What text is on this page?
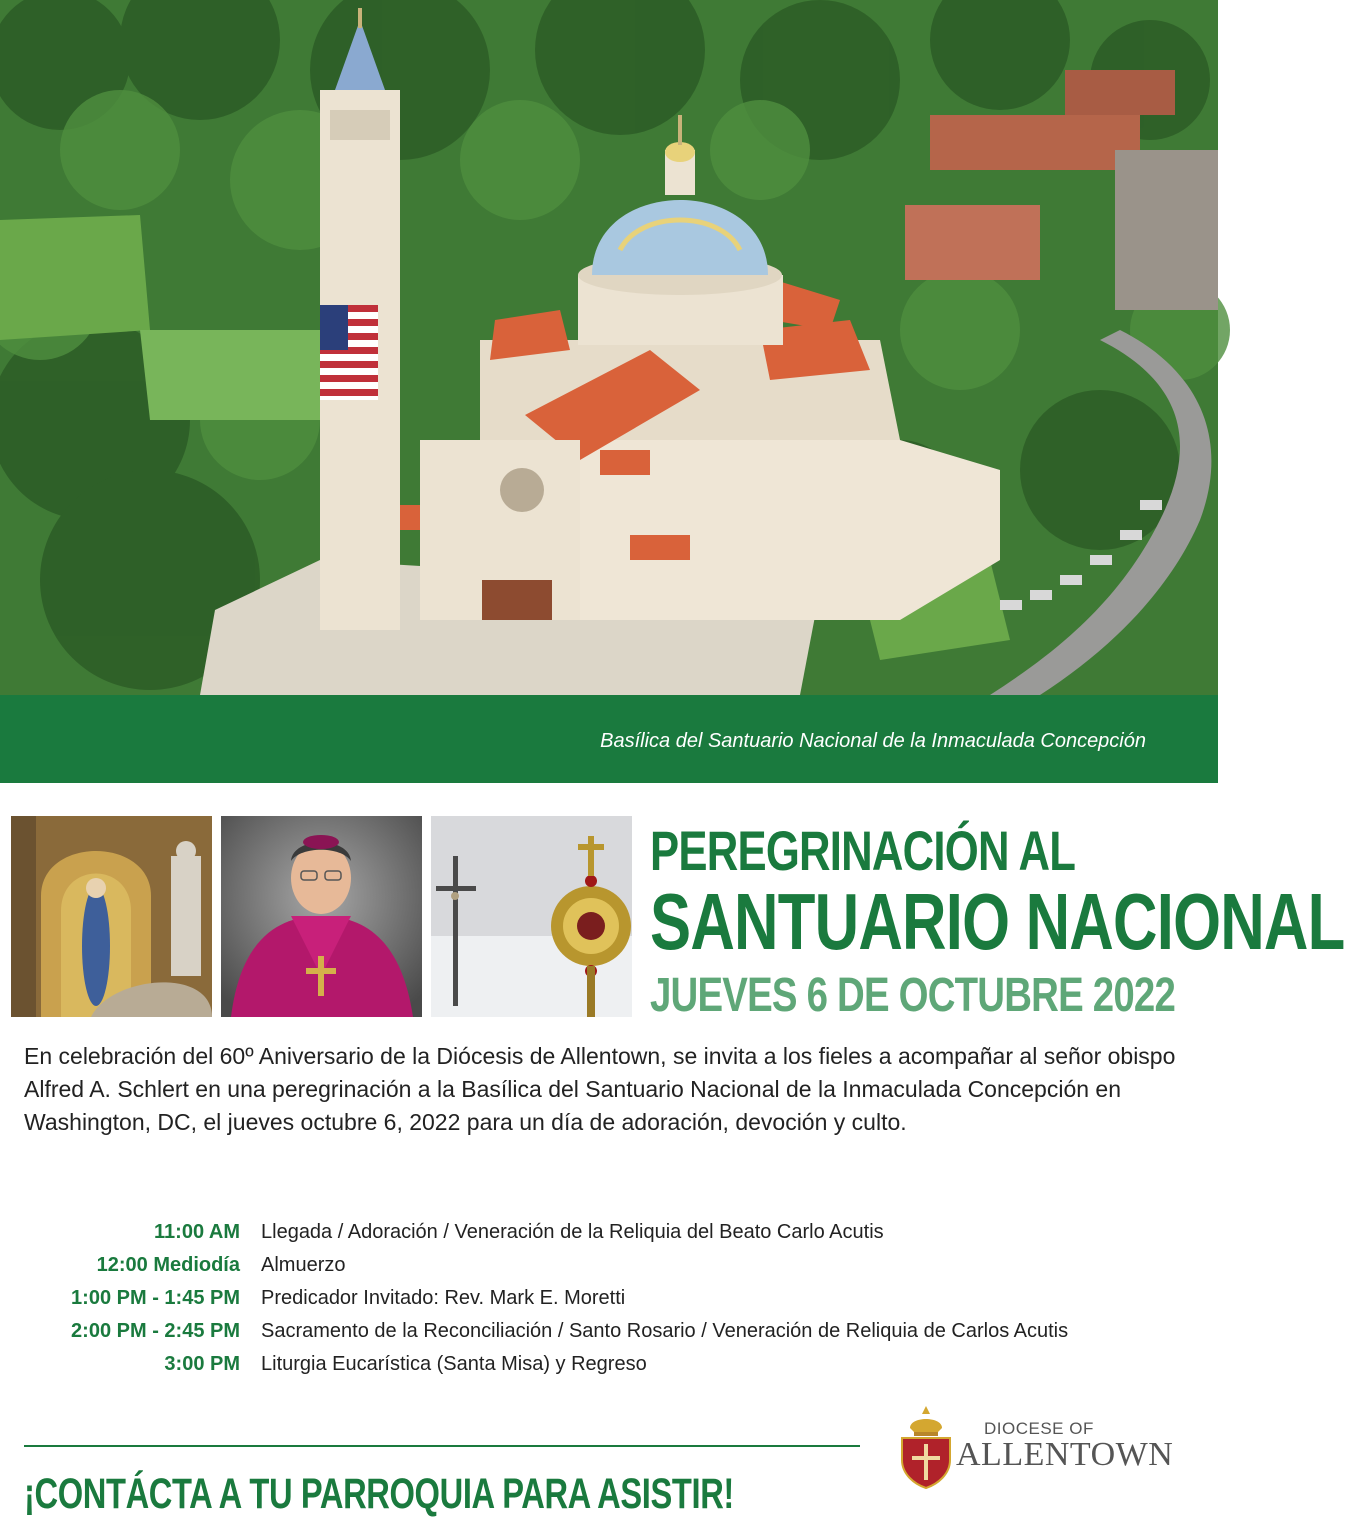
Basílica del Santuario Nacional de la Inmaculada Concepción
PEREGRINACIÓN AL
SANTUARIO NACIONAL
JUEVES 6 DE OCTUBRE 2022
En celebración del 60º Aniversario de la Diócesis de Allentown, se invita a los fieles a acompañar al señor obispo Alfred A. Schlert en una peregrinación a la Basílica del Santuario Nacional de la Inmaculada Concepción en Washington, DC, el jueves octubre 6, 2022 para un día de adoración, devoción y culto.
11:00 AM	Llegada / Adoración / Veneración de la Reliquia del Beato Carlo Acutis
12:00 Mediodía	Almuerzo
1:00 PM - 1:45 PM	Predicador Invitado: Rev. Mark E. Moretti
2:00 PM - 2:45 PM	Sacramento de la Reconciliación / Santo Rosario / Veneración de Reliquia de Carlos Acutis
3:00 PM	Liturgia Eucarística (Santa Misa) y Regreso
¡CONTÁCTA A TU PARROQUIA PARA ASISTIR!
DIOCESE OF
ALLENTOWN
